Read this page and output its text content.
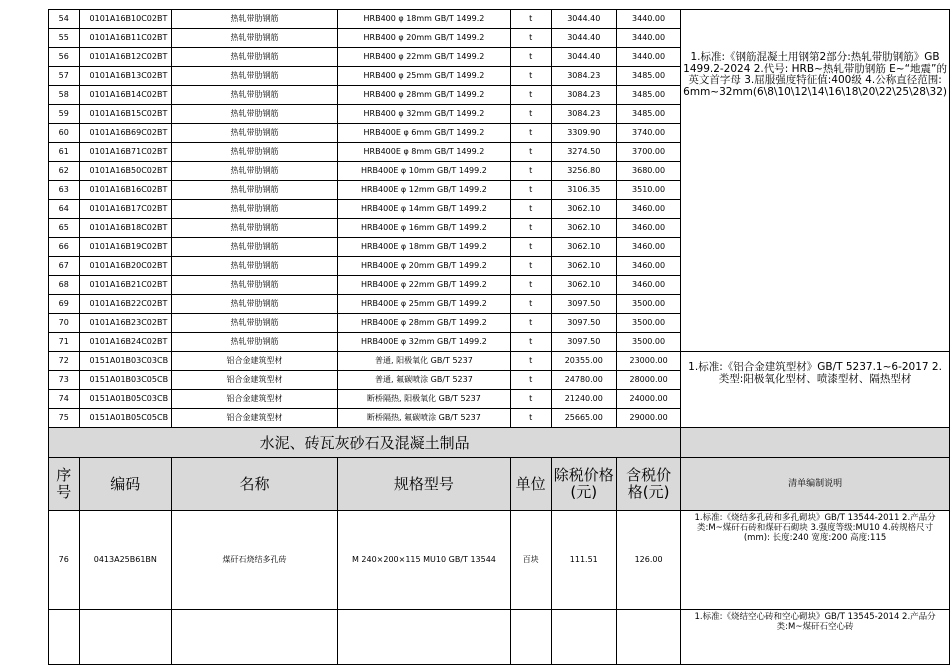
54	0101A16B10C02BT	热轧带肋钢筋	HRB400 φ 18mm GB/T 1499.2	t	3044.40	3440.00	1.标准:《钢筋混凝土用钢第2部分:热轧带肋钢筋》GB 1499.2-2024 2.代号: HRB~热轧带肋钢筋 E~“地震”的英文首字母 3.屈服强度特征值:400级 4.公称直径范围: 6mm~32mm(6\8\10\12\14\16\18\20\22\25\28\32)
55	0101A16B11C02BT	热轧带肋钢筋	HRB400 φ 20mm GB/T 1499.2	t	3044.40	3440.00	
56	0101A16B12C02BT	热轧带肋钢筋	HRB400 φ 22mm GB/T 1499.2	t	3044.40	3440.00	
57	0101A16B13C02BT	热轧带肋钢筋	HRB400 φ 25mm GB/T 1499.2	t	3084.23	3485.00	
58	0101A16B14C02BT	热轧带肋钢筋	HRB400 φ 28mm GB/T 1499.2	t	3084.23	3485.00	
59	0101A16B15C02BT	热轧带肋钢筋	HRB400 φ 32mm GB/T 1499.2	t	3084.23	3485.00	
60	0101A16B69C02BT	热轧带肋钢筋	HRB400E φ 6mm GB/T 1499.2	t	3309.90	3740.00	
61	0101A16B71C02BT	热轧带肋钢筋	HRB400E φ 8mm GB/T 1499.2	t	3274.50	3700.00	
62	0101A16B50C02BT	热轧带肋钢筋	HRB400E φ 10mm GB/T 1499.2	t	3256.80	3680.00	
63	0101A16B16C02BT	热轧带肋钢筋	HRB400E φ 12mm GB/T 1499.2	t	3106.35	3510.00	
64	0101A16B17C02BT	热轧带肋钢筋	HRB400E φ 14mm GB/T 1499.2	t	3062.10	3460.00	
65	0101A16B18C02BT	热轧带肋钢筋	HRB400E φ 16mm GB/T 1499.2	t	3062.10	3460.00	
66	0101A16B19C02BT	热轧带肋钢筋	HRB400E φ 18mm GB/T 1499.2	t	3062.10	3460.00	
67	0101A16B20C02BT	热轧带肋钢筋	HRB400E φ 20mm GB/T 1499.2	t	3062.10	3460.00	
68	0101A16B21C02BT	热轧带肋钢筋	HRB400E φ 22mm GB/T 1499.2	t	3062.10	3460.00	
69	0101A16B22C02BT	热轧带肋钢筋	HRB400E φ 25mm GB/T 1499.2	t	3097.50	3500.00	
70	0101A16B23C02BT	热轧带肋钢筋	HRB400E φ 28mm GB/T 1499.2	t	3097.50	3500.00	
71	0101A16B24C02BT	热轧带肋钢筋	HRB400E φ 32mm GB/T 1499.2	t	3097.50	3500.00	
72	0151A01B03C03CB	铝合金建筑型材	普通, 阳极氧化 GB/T 5237	t	20355.00	23000.00	1.标准:《铝合金建筑型材》GB/T 5237.1~6-2017 2.类型:阳极氧化型材、喷漆型材、隔热型材
73	0151A01B03C05CB	铝合金建筑型材	普通, 氟碳喷涂 GB/T 5237	t	24780.00	28000.00	
74	0151A01B05C03CB	铝合金建筑型材	断桥隔热, 阳极氧化 GB/T 5237	t	21240.00	24000.00	
75	0151A01B05C05CB	铝合金建筑型材	断桥隔热, 氟碳喷涂 GB/T 5237	t	25665.00	29000.00	
水泥、砖瓦灰砂石及混凝土制品							
序号	编码	名称	规格型号	单位	除税价格(元)	含税价格(元)	清单编制说明
76	0413A25B61BN	煤矸石烧结多孔砖	M 240×200×115 MU10 GB/T 13544	百块	111.51	126.00	1.标准:《烧结多孔砖和多孔砌块》GB/T 13544-2011 2.产品分类:M~煤矸石砖和煤矸石砌块 3.强度等级:MU10 4.砖规格尺寸 (mm): 长度:240 宽度:200 高度:115
							1.标准:《烧结空心砖和空心砌块》GB/T 13545-2014 2.产品分类:M~煤矸石空心砖
